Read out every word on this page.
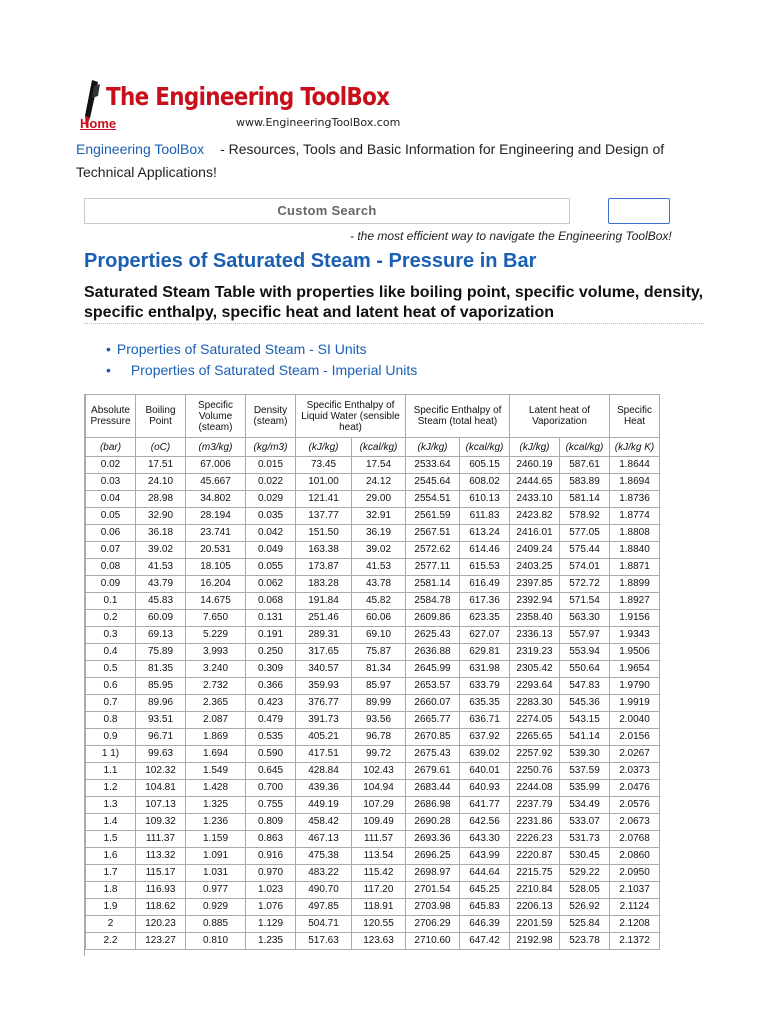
The Engineering ToolBox
Home	www.EngineeringToolBox.com
Engineering ToolBox - Resources, Tools and Basic Information for Engineering and Design of Technical Applications!
Custom Search
- the most efficient way to navigate the Engineering ToolBox!
Properties of Saturated Steam - Pressure in Bar
Saturated Steam Table with properties like boiling point, specific volume, density, specific enthalpy, specific heat and latent heat of vaporization
• Properties of Saturated Steam - SI Units
• Properties of Saturated Steam - Imperial Units
Absolute Pressure	Boiling Point	Specific Volume (steam)	Density (steam)	Specific Enthalpy of Liquid Water (sensible heat)		Specific Enthalpy of Steam (total heat)		Latent heat of Vaporization		Specific Heat
(bar)	(oC)	(m3/kg)	(kg/m3)	(kJ/kg)	(kcal/kg)	(kJ/kg)	(kcal/kg)	(kJ/kg)	(kcal/kg)	(kJ/kg K)
0.02	17.51	67.006	0.015	73.45	17.54	2533.64	605.15	2460.19	587.61	1.8644
0.03	24.10	45.667	0.022	101.00	24.12	2545.64	608.02	2444.65	583.89	1.8694
0.04	28.98	34.802	0.029	121.41	29.00	2554.51	610.13	2433.10	581.14	1.8736
0.05	32.90	28.194	0.035	137.77	32.91	2561.59	611.83	2423.82	578.92	1.8774
0.06	36.18	23.741	0.042	151.50	36.19	2567.51	613.24	2416.01	577.05	1.8808
0.07	39.02	20.531	0.049	163.38	39.02	2572.62	614.46	2409.24	575.44	1.8840
0.08	41.53	18.105	0.055	173.87	41.53	2577.11	615.53	2403.25	574.01	1.8871
0.09	43.79	16.204	0.062	183.28	43.78	2581.14	616.49	2397.85	572.72	1.8899
0.1	45.83	14.675	0.068	191.84	45.82	2584.78	617.36	2392.94	571.54	1.8927
0.2	60.09	7.650	0.131	251.46	60.06	2609.86	623.35	2358.40	563.30	1.9156
0.3	69.13	5.229	0.191	289.31	69.10	2625.43	627.07	2336.13	557.97	1.9343
0.4	75.89	3.993	0.250	317.65	75.87	2636.88	629.81	2319.23	553.94	1.9506
0.5	81.35	3.240	0.309	340.57	81.34	2645.99	631.98	2305.42	550.64	1.9654
0.6	85.95	2.732	0.366	359.93	85.97	2653.57	633.79	2293.64	547.83	1.9790
0.7	89.96	2.365	0.423	376.77	89.99	2660.07	635.35	2283.30	545.36	1.9919
0.8	93.51	2.087	0.479	391.73	93.56	2665.77	636.71	2274.05	543.15	2.0040
0.9	96.71	1.869	0.535	405.21	96.78	2670.85	637.92	2265.65	541.14	2.0156
1 1)	99.63	1.694	0.590	417.51	99.72	2675.43	639.02	2257.92	539.30	2.0267
1.1	102.32	1.549	0.645	428.84	102.43	2679.61	640.01	2250.76	537.59	2.0373
1.2	104.81	1.428	0.700	439.36	104.94	2683.44	640.93	2244.08	535.99	2.0476
1.3	107.13	1.325	0.755	449.19	107.29	2686.98	641.77	2237.79	534.49	2.0576
1.4	109.32	1.236	0.809	458.42	109.49	2690.28	642.56	2231.86	533.07	2.0673
1.5	111.37	1.159	0.863	467.13	111.57	2693.36	643.30	2226.23	531.73	2.0768
1.6	113.32	1.091	0.916	475.38	113.54	2696.25	643.99	2220.87	530.45	2.0860
1.7	115.17	1.031	0.970	483.22	115.42	2698.97	644.64	2215.75	529.22	2.0950
1.8	116.93	0.977	1.023	490.70	117.20	2701.54	645.25	2210.84	528.05	2.1037
1.9	118.62	0.929	1.076	497.85	118.91	2703.98	645.83	2206.13	526.92	2.1124
2	120.23	0.885	1.129	504.71	120.55	2706.29	646.39	2201.59	525.84	2.1208
2.2	123.27	0.810	1.235	517.63	123.63	2710.60	647.42	2192.98	523.78	2.1372
